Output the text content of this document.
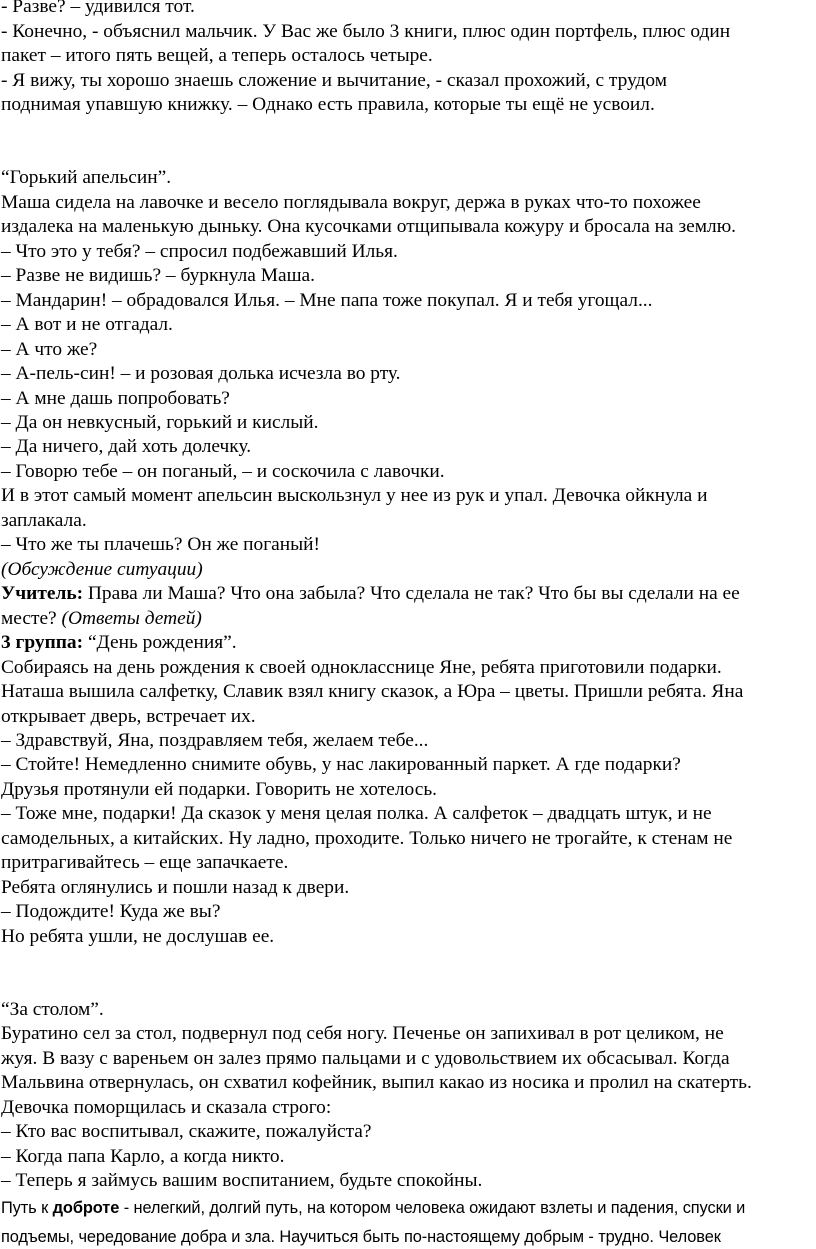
- Разве? – удивился тот.
- Конечно, - объяснил мальчик. У Вас же было 3 книги, плюс один портфель, плюс один
пакет – итого пять вещей, а теперь осталось четыре.
- Я вижу, ты хорошо знаешь сложение и вычитание, - сказал прохожий, с трудом
поднимая упавшую книжку. – Однако есть правила, которые ты ещё не усвоил.
“Горький апельсин”.
Маша сидела на лавочке и весело поглядывала вокруг, держа в руках что-то похожее
издалека на маленькую дыньку. Она кусочками отщипывала кожуру и бросала на землю.
– Что это у тебя? – спросил подбежавший Илья.
– Разве не видишь? – буркнула Маша.
– Мандарин! – обрадовался Илья. – Мне папа тоже покупал. Я и тебя угощал...
– А вот и не отгадал.
– А что же?
– А-пель-син! – и розовая долька исчезла во рту.
– А мне дашь попробовать?
– Да он невкусный, горький и кислый.
– Да ничего, дай хоть долечку.
– Говорю тебе – он поганый, – и соскочила с лавочки.
И в этот самый момент апельсин выскользнул у нее из рук и упал. Девочка ойкнула и
заплакала.
– Что же ты плачешь? Он же поганый!
(Обсуждение ситуации)
Учитель: Права ли Маша? Что она забыла? Что сделала не так? Что бы вы сделали на ее
месте? (Ответы детей)
3 группа: “День рождения”.
Собираясь на день рождения к своей однокласснице Яне, ребята приготовили подарки.
Наташа вышила салфетку, Славик взял книгу сказок, а Юра – цветы. Пришли ребята. Яна
открывает дверь, встречает их.
– Здравствуй, Яна, поздравляем тебя, желаем тебе...
– Стойте! Немедленно снимите обувь, у нас лакированный паркет. А где подарки?
Друзья протянули ей подарки. Говорить не хотелось.
– Тоже мне, подарки! Да сказок у меня целая полка. А салфеток – двадцать штук, и не
самодельных, а китайских. Ну ладно, проходите. Только ничего не трогайте, к стенам не
притрагивайтесь – еще запачкаете.
Ребята оглянулись и пошли назад к двери.
– Подождите! Куда же вы?
Но ребята ушли, не дослушав ее.
“За столом”.
Буратино сел за стол, подвернул под себя ногу. Печенье он запихивал в рот целиком, не
жуя. В вазу с вареньем он залез прямо пальцами и с удовольствием их обсасывал. Когда
Мальвина отвернулась, он схватил кофейник, выпил какао из носика и пролил на скатерть.
Девочка поморщилась и сказала строго:
– Кто вас воспитывал, скажите, пожалуйста?
– Когда папа Карло, а когда никто.
– Теперь я займусь вашим воспитанием, будьте спокойны.
Путь к доброте - нелегкий, долгий путь, на котором человека ожидают взлеты и падения, спуски и
подъемы, чередование добра и зла. Научиться быть по-настоящему добрым - трудно. Человек
